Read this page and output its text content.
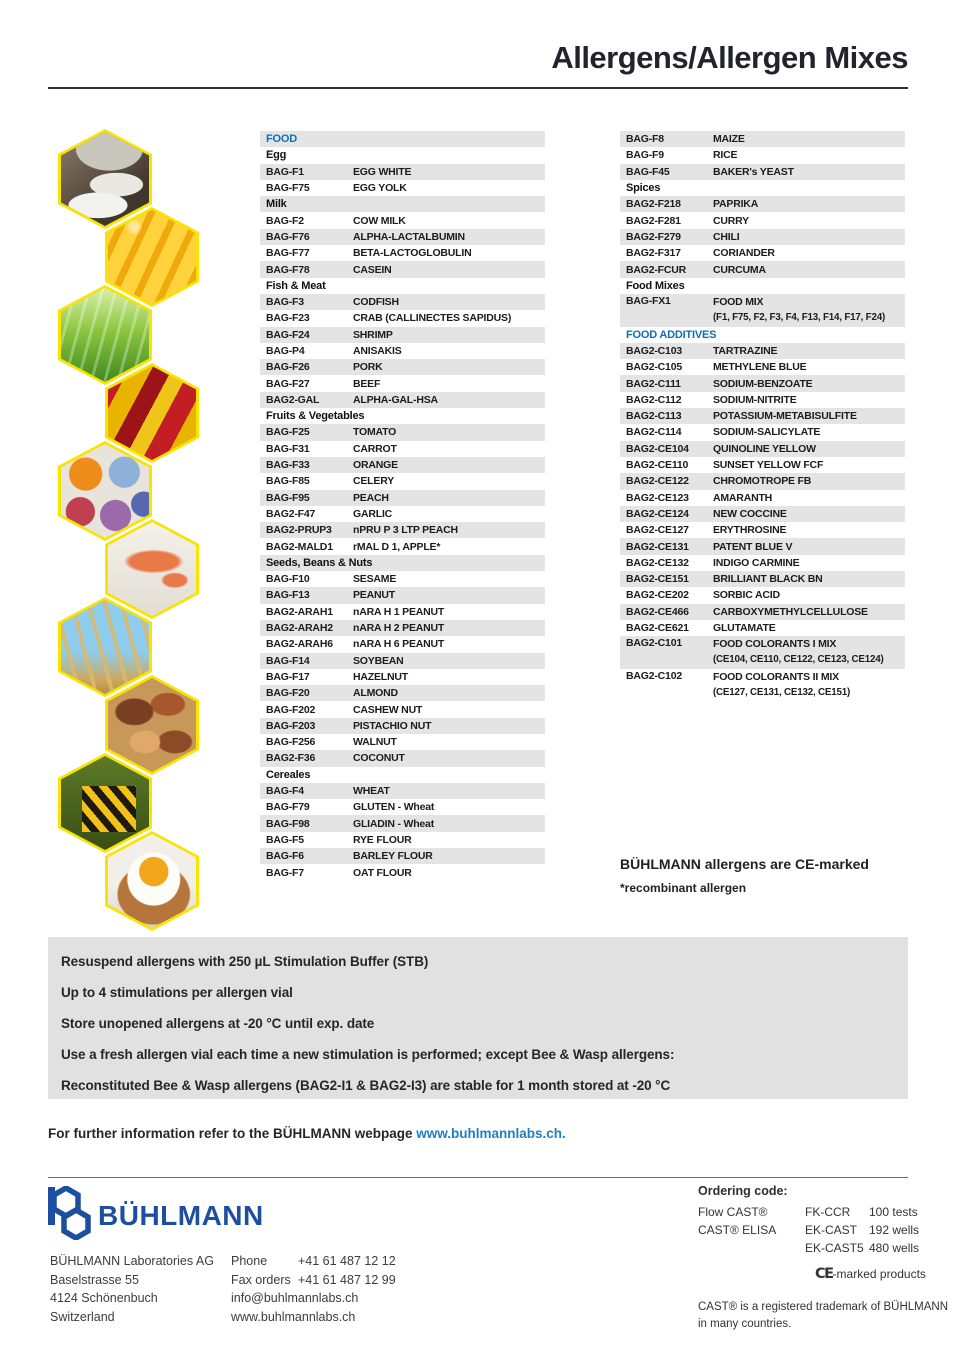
Allergens/Allergen Mixes
FOOD
Egg
BAG-F1	EGG WHITE
BAG-F75	EGG YOLK
Milk
BAG-F2	COW MILK
BAG-F76	ALPHA-LACTALBUMIN
BAG-F77	BETA-LACTOGLOBULIN
BAG-F78	CASEIN
Fish & Meat
BAG-F3	CODFISH
BAG-F23	CRAB (CALLINECTES SAPIDUS)
BAG-F24	SHRIMP
BAG-P4	ANISAKIS
BAG-F26	PORK
BAG-F27	BEEF
BAG2-GAL	ALPHA-GAL-HSA
Fruits & Vegetables
BAG-F25	TOMATO
BAG-F31	CARROT
BAG-F33	ORANGE
BAG-F85	CELERY
BAG-F95	PEACH
BAG2-F47	GARLIC
BAG2-PRUP3	nPRU P 3 LTP PEACH
BAG2-MALD1	rMAL D 1, APPLE*
Seeds, Beans & Nuts
BAG-F10	SESAME
BAG-F13	PEANUT
BAG2-ARAH1	nARA H 1 PEANUT
BAG2-ARAH2	nARA H 2 PEANUT
BAG2-ARAH6	nARA H 6 PEANUT
BAG-F14	SOYBEAN
BAG-F17	HAZELNUT
BAG-F20	ALMOND
BAG-F202	CASHEW NUT
BAG-F203	PISTACHIO NUT
BAG-F256	WALNUT
BAG2-F36	COCONUT
Cereales
BAG-F4	WHEAT
BAG-F79	GLUTEN - Wheat
BAG-F98	GLIADIN - Wheat
BAG-F5	RYE FLOUR
BAG-F6	BARLEY FLOUR
BAG-F7	OAT FLOUR
BAG-F8	MAIZE
BAG-F9	RICE
BAG-F45	BAKER's YEAST
Spices
BAG2-F218	PAPRIKA
BAG2-F281	CURRY
BAG2-F279	CHILI
BAG2-F317	CORIANDER
BAG2-FCUR	CURCUMA
Food Mixes
BAG-FX1	FOOD MIX
(F1, F75, F2, F3, F4, F13, F14, F17, F24)
FOOD ADDITIVES
BAG2-C103	TARTRAZINE
BAG2-C105	METHYLENE BLUE
BAG2-C111	SODIUM-BENZOATE
BAG2-C112	SODIUM-NITRITE
BAG2-C113	POTASSIUM-METABISULFITE
BAG2-C114	SODIUM-SALICYLATE
BAG2-CE104	QUINOLINE YELLOW
BAG2-CE110	SUNSET YELLOW FCF
BAG2-CE122	CHROMOTROPE FB
BAG2-CE123	AMARANTH
BAG2-CE124	NEW COCCINE
BAG2-CE127	ERYTHROSINE
BAG2-CE131	PATENT BLUE V
BAG2-CE132	INDIGO CARMINE
BAG2-CE151	BRILLIANT BLACK BN
BAG2-CE202	SORBIC ACID
BAG2-CE466	CARBOXYMETHYLCELLULOSE
BAG2-CE621	GLUTAMATE
BAG2-C101	FOOD COLORANTS I MIX
(CE104, CE110, CE122, CE123, CE124)
BAG2-C102	FOOD COLORANTS II MIX
(CE127, CE131, CE132, CE151)
BÜHLMANN allergens are CE-marked
*recombinant allergen
Resuspend allergens with 250 µL Stimulation Buffer (STB)
Up to 4 stimulations per allergen vial
Store unopened allergens at -20 °C until exp. date
Use a fresh allergen vial each time a new stimulation is performed; except Bee & Wasp allergens:
Reconstituted Bee & Wasp allergens (BAG2-I1 & BAG2-I3) are stable for 1 month stored at -20 °C
For further information refer to the BÜHLMANN webpage www.buhlmannlabs.ch.
BÜHLMANN
BÜHLMANN Laboratories AG
Baselstrasse 55
4124 Schönenbuch
Switzerland
Phone +41 61 487 12 12
Fax orders +41 61 487 12 99
info@buhlmannlabs.ch
www.buhlmannlabs.ch
Ordering code:
Flow CAST®	FK-CCR	100 tests
CAST® ELISA	EK-CAST 192 wells
EK-CAST5 480 wells
CE-marked products
CAST® is a registered trademark of BÜHLMANN
in many countries.
